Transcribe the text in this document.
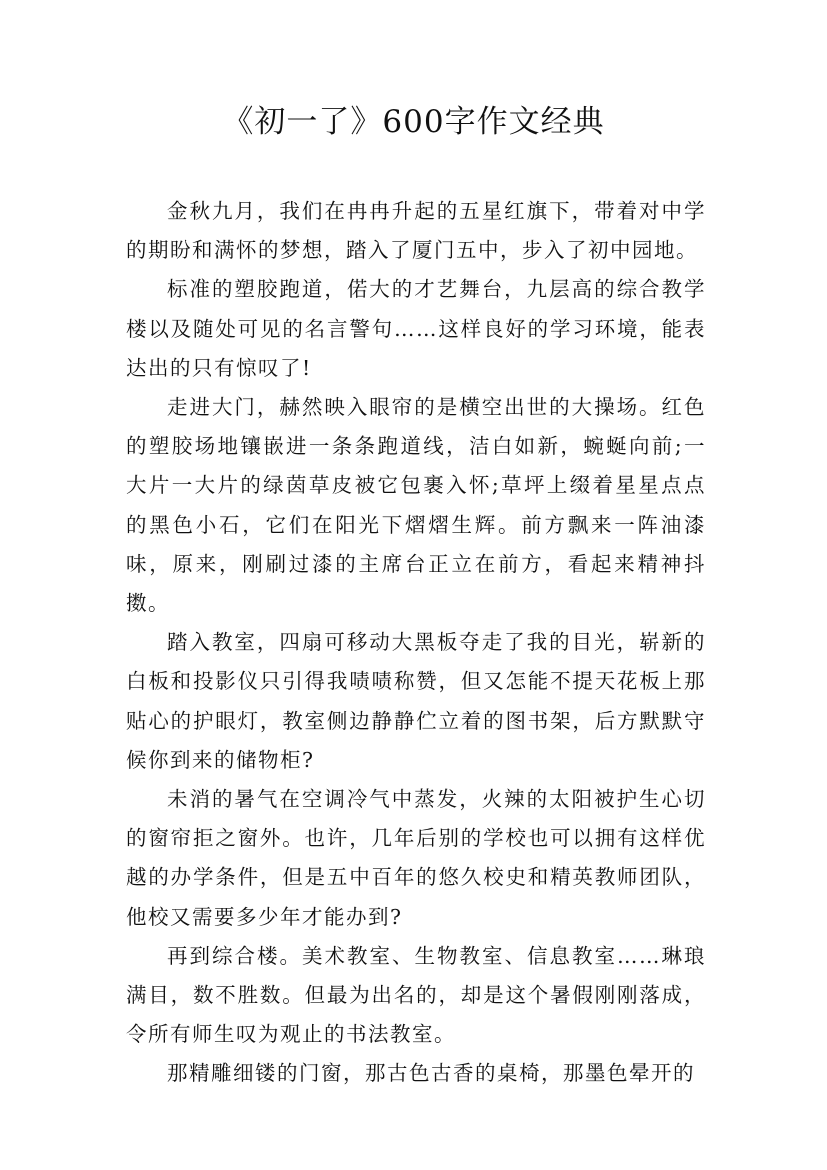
《初一了》600字作文经典

金秋九月，我们在冉冉升起的五星红旗下，带着对中学的期盼和满怀的梦想，踏入了厦门五中，步入了初中园地。

标准的塑胶跑道，偌大的才艺舞台，九层高的综合教学楼以及随处可见的名言警句……这样良好的学习环境，能表达出的只有惊叹了!

走进大门，赫然映入眼帘的是横空出世的大操场。红色的塑胶场地镶嵌进一条条跑道线，洁白如新，蜿蜒向前;一大片一大片的绿茵草皮被它包裹入怀;草坪上缀着星星点点的黑色小石，它们在阳光下熠熠生辉。前方飘来一阵油漆味，原来，刚刷过漆的主席台正立在前方，看起来精神抖擞。

踏入教室，四扇可移动大黑板夺走了我的目光，崭新的白板和投影仪只引得我啧啧称赞，但又怎能不提天花板上那贴心的护眼灯，教室侧边静静伫立着的图书架，后方默默守候你到来的储物柜?

未消的暑气在空调冷气中蒸发，火辣的太阳被护生心切的窗帘拒之窗外。也许，几年后别的学校也可以拥有这样优越的办学条件，但是五中百年的悠久校史和精英教师团队，他校又需要多少年才能办到?

再到综合楼。美术教室、生物教室、信息教室……琳琅满目，数不胜数。但最为出名的，却是这个暑假刚刚落成，令所有师生叹为观止的书法教室。

那精雕细镂的门窗，那古色古香的桌椅，那墨色晕开的
